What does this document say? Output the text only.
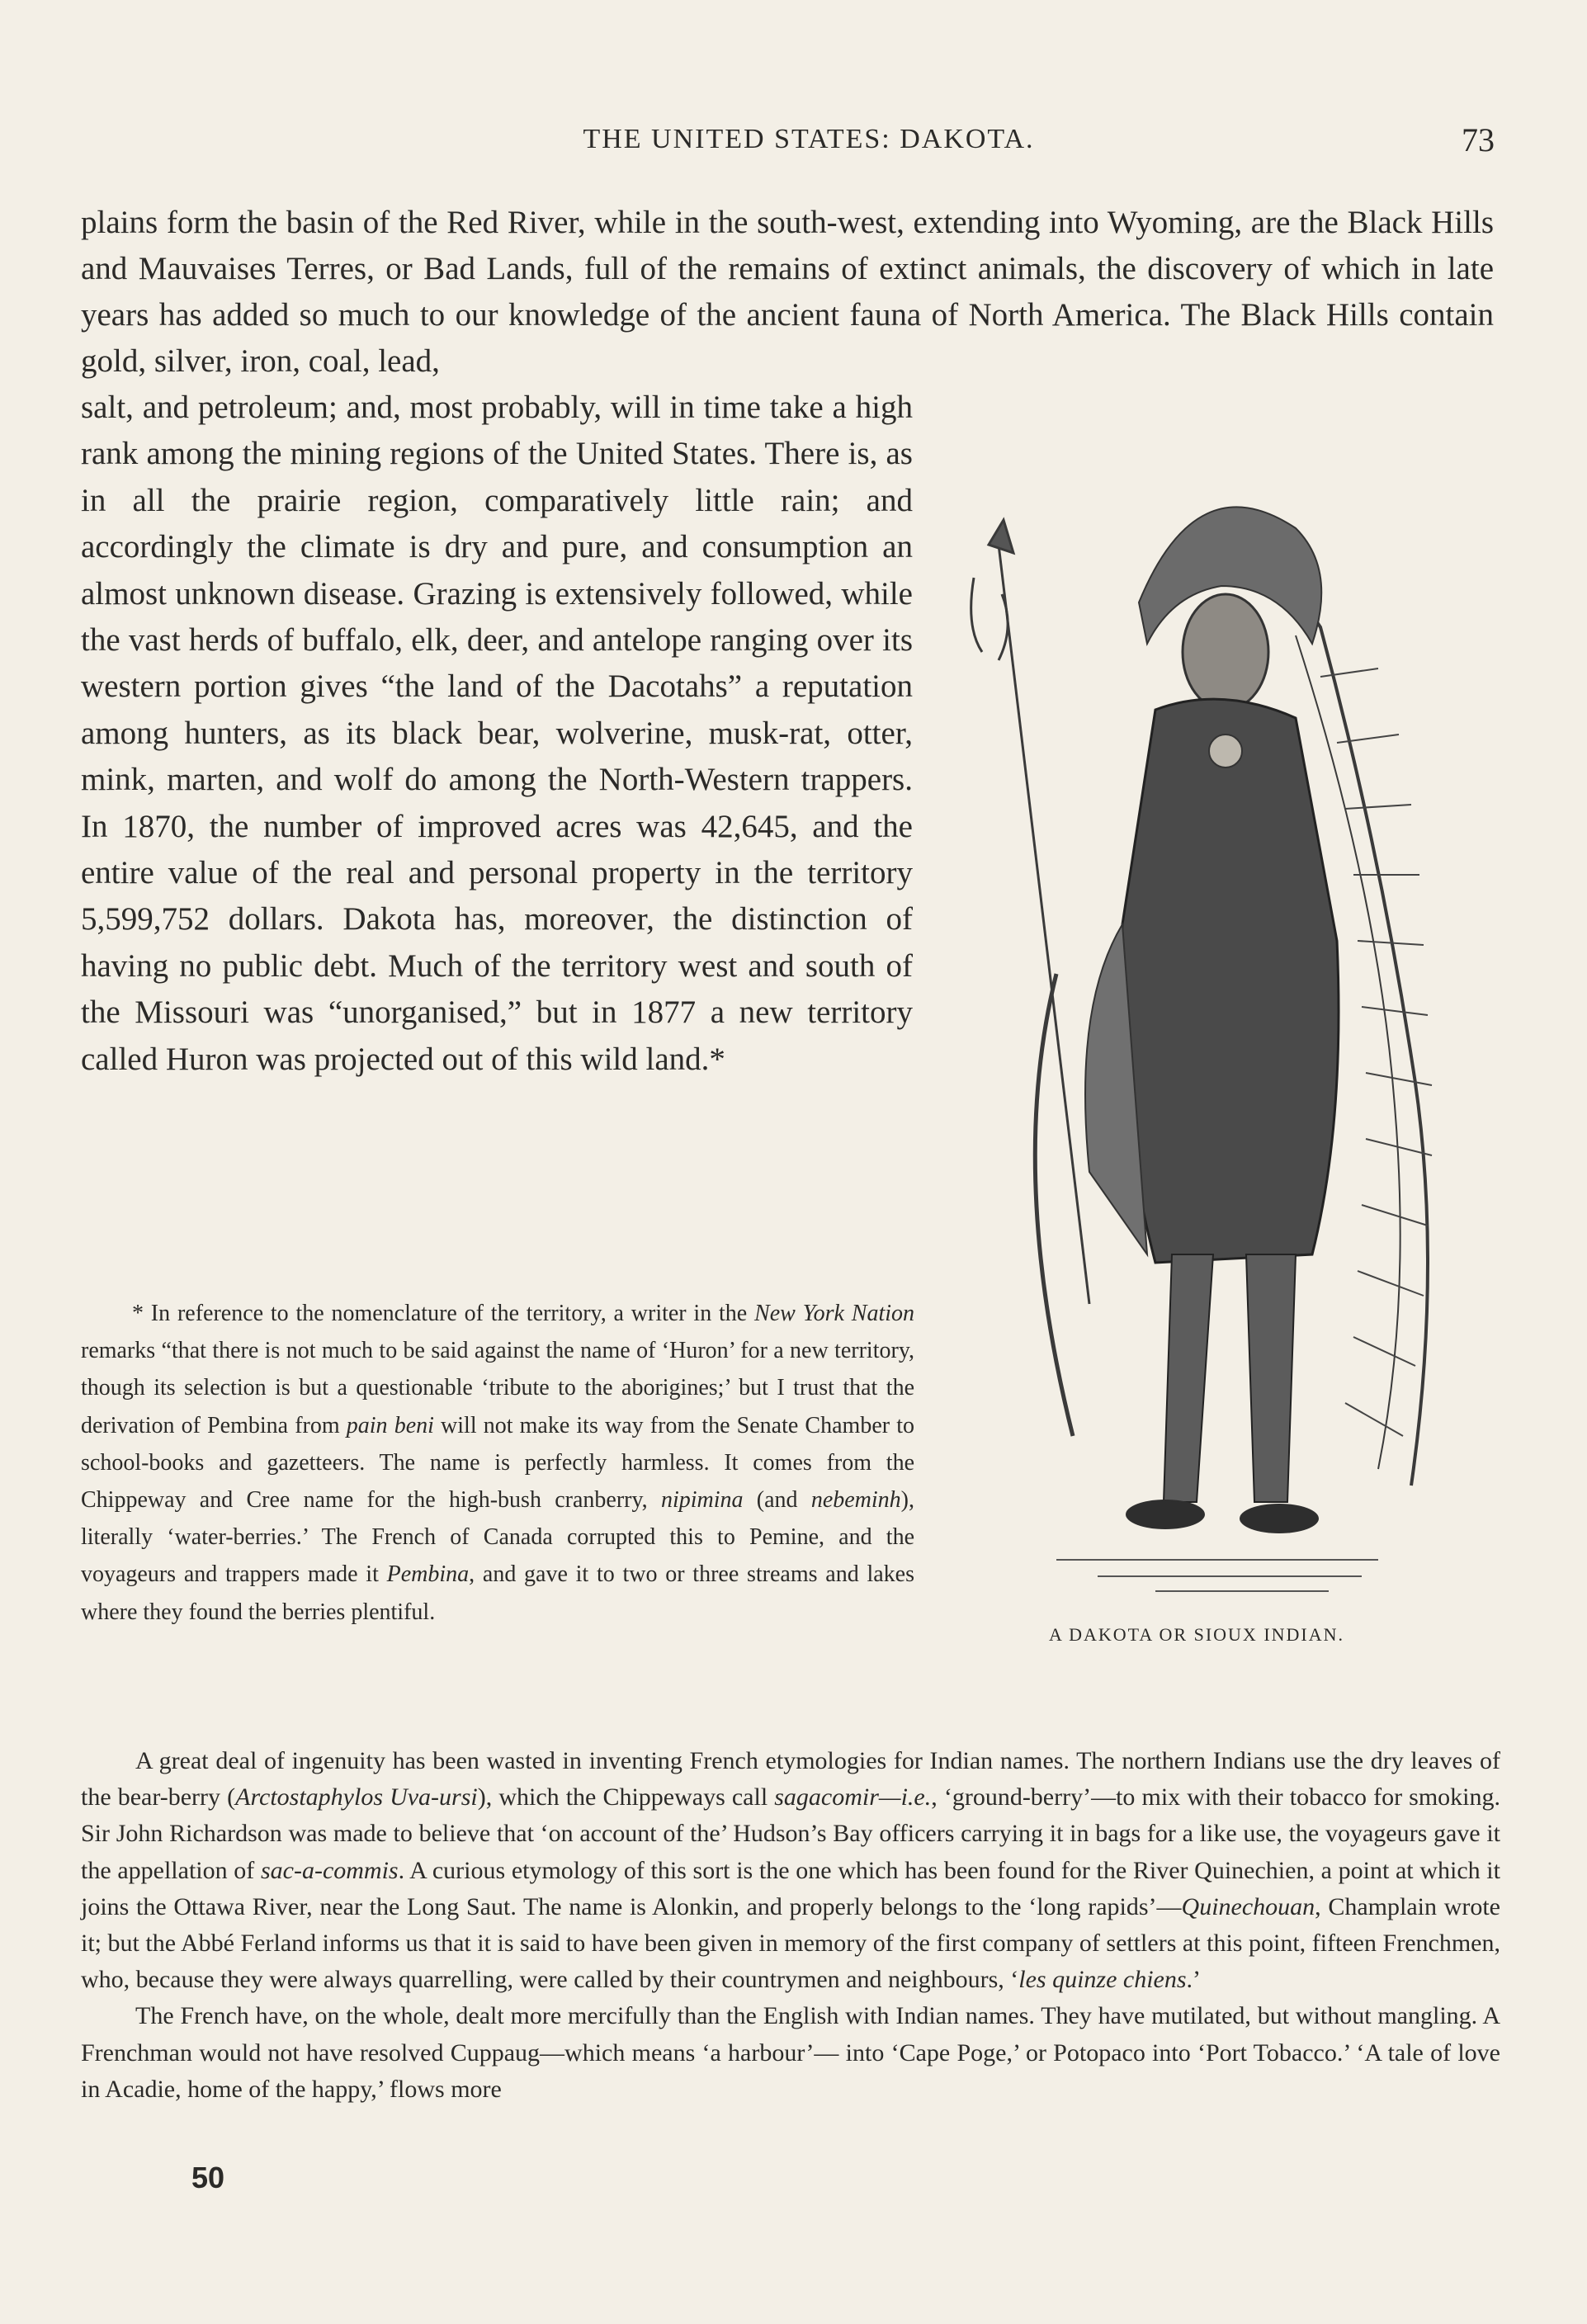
THE UNITED STATES: DAKOTA.	73

plains form the basin of the Red River, while in the south-west, extending into Wyoming, are the Black Hills and Mauvaises Terres, or Bad Lands, full of the remains of extinct animals, the discovery of which in late years has added so much to our knowledge of the ancient fauna of North America. The Black Hills contain gold, silver, iron, coal, lead,

salt, and petroleum; and, most probably, will in time take a high rank among the mining regions of the United States. There is, as in all the prairie region, comparatively little rain; and accordingly the climate is dry and pure, and consumption an almost unknown disease. Grazing is extensively followed, while the vast herds of buffalo, elk, deer, and antelope ranging over its western portion gives “the land of the Dacotahs” a reputation among hunters, as its black bear, wolverine, musk-rat, otter, mink, marten, and wolf do among the North-Western trappers. In 1870, the number of improved acres was 42,645, and the entire value of the real and personal property in the territory 5,599,752 dollars. Dakota has, moreover, the distinction of having no public debt. Much of the territory west and south of the Missouri was “unorganised,” but in 1877 a new territory called Huron was projected out of this wild land.*

* In reference to the nomenclature of the territory, a writer in the New York Nation remarks “that there is not much to be said against the name of ‘Huron’ for a new territory, though its selection is but a questionable ‘tribute to the aborigines;’ but I trust that the derivation of Pembina from pain beni will not make its way from the Senate Chamber to school-books and gazetteers. The name is perfectly harmless. It comes from the Chippeway and Cree name for the high-bush cranberry, nipimina (and nebeminh), literally ‘water-berries.’ The French of Canada corrupted this to Pemine, and the voyageurs and trappers made it Pembina, and gave it to two or three streams and lakes where they found the berries plentiful.

A DAKOTA OR SIOUX INDIAN.

A great deal of ingenuity has been wasted in inventing French etymologies for Indian names. The northern Indians use the dry leaves of the bear-berry (Arctostaphylos Uva-ursi), which the Chippeways call sagacomir—i.e., ‘ground-berry’—to mix with their tobacco for smoking. Sir John Richardson was made to believe that ‘on account of the’ Hudson’s Bay officers carrying it in bags for a like use, the voyageurs gave it the appellation of sac-a-commis. A curious etymology of this sort is the one which has been found for the River Quinechien, a point at which it joins the Ottawa River, near the Long Saut. The name is Alonkin, and properly belongs to the ‘long rapids’—Quinechouan, Champlain wrote it; but the Abbé Ferland informs us that it is said to have been given in memory of the first company of settlers at this point, fifteen Frenchmen, who, because they were always quarrelling, were called by their countrymen and neighbours, ‘les quinze chiens.’

The French have, on the whole, dealt more mercifully than the English with Indian names. They have mutilated, but without mangling. A Frenchman would not have resolved Cuppaug—which means ‘a harbour’— into ‘Cape Poge,’ or Potopaco into ‘Port Tobacco.’ ‘A tale of love in Acadie, home of the happy,’ flows more

50
